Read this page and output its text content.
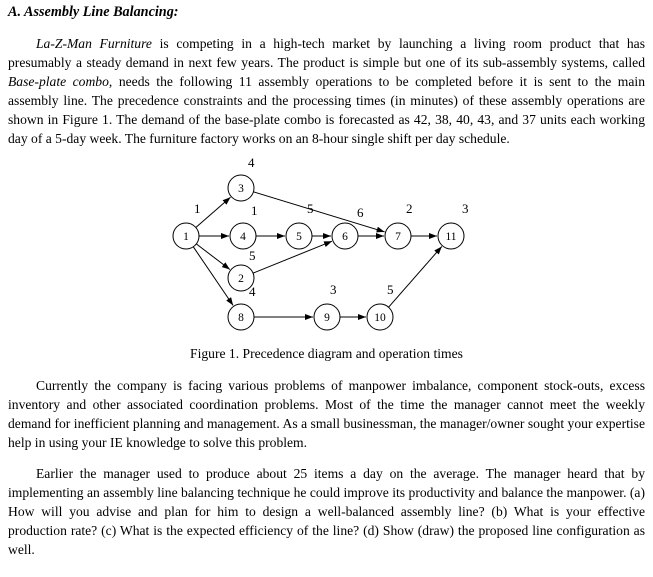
A. Assembly Line Balancing:

La-Z-Man Furniture is competing in a high-tech market by launching a living room product that has presumably a steady demand in next few years. The product is simple but one of its sub-assembly systems, called Base-plate combo, needs the following 11 assembly operations to be completed before it is sent to the main assembly line. The precedence constraints and the processing times (in minutes) of these assembly operations are shown in Figure 1. The demand of the base-plate combo is forecasted as 42, 38, 40, 43, and 37 units each working day of a 5-day week. The furniture factory works on an 8-hour single shift per day schedule.

1
1
2
5
3
4
4
1
5
5
6
6
7
2
8
4
9
3
10
5
11
3
Figure 1. Precedence diagram and operation times

Currently the company is facing various problems of manpower imbalance, component stock-outs, excess inventory and other associated coordination problems. Most of the time the manager cannot meet the weekly demand for inefficient planning and management. As a small businessman, the manager/owner sought your expertise help in using your IE knowledge to solve this problem.

Earlier the manager used to produce about 25 items a day on the average. The manager heard that by implementing an assembly line balancing technique he could improve its productivity and balance the manpower. (a) How will you advise and plan for him to design a well-balanced assembly line? (b) What is your effective production rate? (c) What is the expected efficiency of the line? (d) Show (draw) the proposed line configuration as well.
